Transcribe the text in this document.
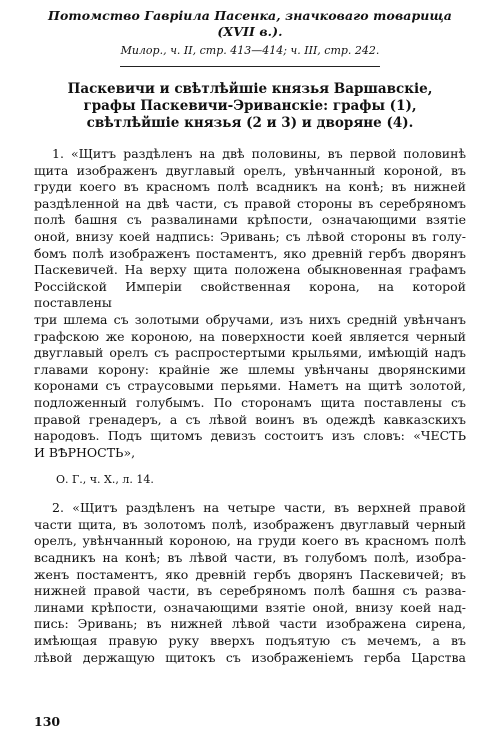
Потомство Гаврiила Пасенка, значковаго товарища (XVII в.).

Милор., ч. II, стр. 413—414; ч. III, стр. 242.

Паскевичи и свѣтлѣйшiе князья Варшавскiе,
графы Паскевичи-Эриванскiе: графы (1),
свѣтлѣйшiе князья (2 и 3) и дворяне (4).
1. «Щитъ раздѣленъ на двѣ половины, въ первой половинѣ
щита изображенъ двуглавый орелъ, увѣнчанный короной, въ
груди коего въ красномъ полѣ всадникъ на конѣ; въ нижней
раздѣленной на двѣ части, съ правой стороны въ серебряномъ
полѣ башня съ развалинами крѣпости, означающими взятiе
оной, внизу коей надпись: Эривань; съ лѣвой стороны въ голу-
бомъ полѣ изображенъ постаментъ, яко древнiй гербъ дворянъ
Паскевичей. На верху щита положена обыкновенная графамъ
Россiйской Имперiи свойственная корона, на которой поставлены
три шлема съ золотыми обручами, изъ нихъ среднiй увѣнчанъ
графскою же короною, на поверхности коей является черный
двуглавый орелъ съ распростертыми крыльями, имѣющiй надъ
главами корону: крайнiе же шлемы увѣнчаны дворянскими
коронами съ страусовыми перьями. Наметъ на щитѣ золотой,
подложенный голубымъ. По сторонамъ щита поставлены съ
правой гренадеръ, а съ лѣвой воинъ въ одеждѣ кавказскихъ
народовъ. Подъ щитомъ девизъ состоитъ изъ словъ: «ЧЕСТЬ
И ВѢРНОСТЬ»,

О. Г., ч. X., л. 14.

2. «Щитъ раздѣленъ на четыре части, въ верхней правой
части щита, въ золотомъ полѣ, изображенъ двуглавый черный
орелъ, увѣнчанный короною, на груди коего въ красномъ полѣ
всадникъ на конѣ; въ лѣвой части, въ голубомъ полѣ, изобра-
женъ постаментъ, яко древнiй гербъ дворянъ Паскевичей; въ
нижней правой части, въ серебряномъ полѣ башня съ разва-
линами крѣпости, означающими взятiе оной, внизу коей над-
пись: Эривань; въ нижней лѣвой части изображена сирена,
имѣющая правую руку вверхъ подъятую съ мечемъ, а въ
лѣвой держащую щитокъ съ изображенiемъ герба Царства
130
